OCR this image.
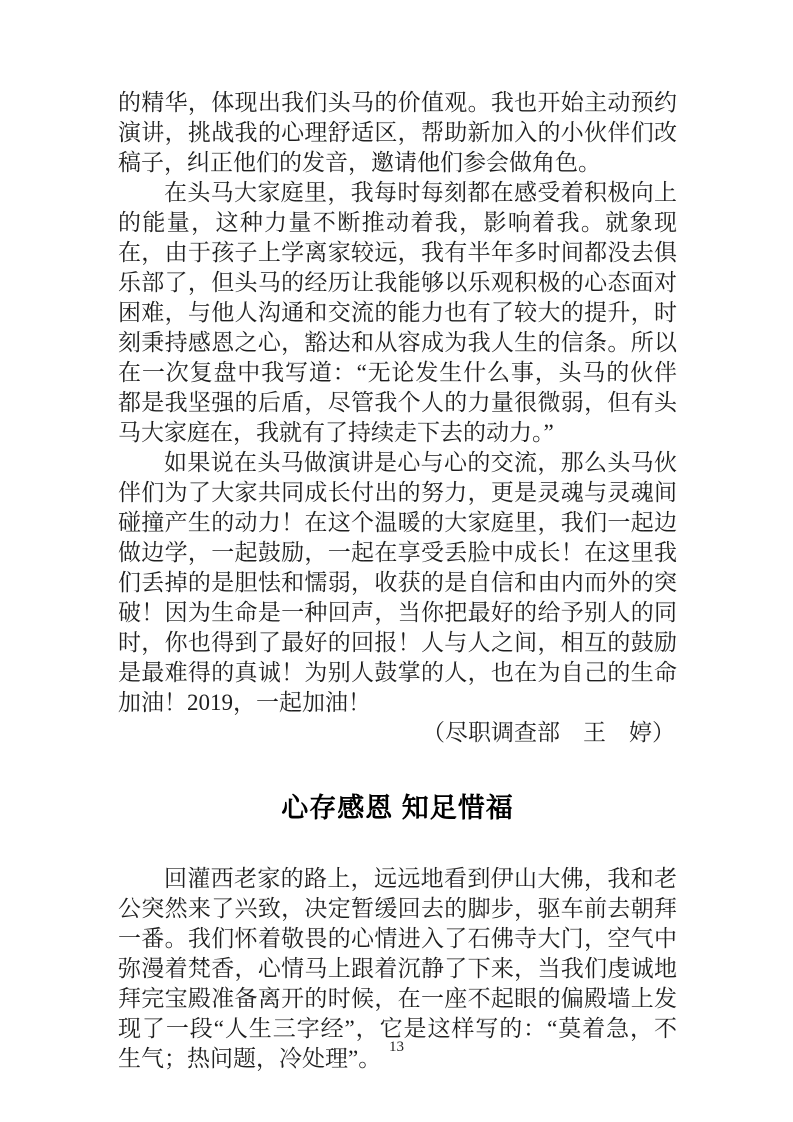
的精华，体现出我们头马的价值观。我也开始主动预约演讲，挑战我的心理舒适区，帮助新加入的小伙伴们改稿子，纠正他们的发音，邀请他们参会做角色。

在头马大家庭里，我每时每刻都在感受着积极向上的能量，这种力量不断推动着我，影响着我。就象现在，由于孩子上学离家较远，我有半年多时间都没去俱乐部了，但头马的经历让我能够以乐观积极的心态面对困难，与他人沟通和交流的能力也有了较大的提升，时刻秉持感恩之心，豁达和从容成为我人生的信条。所以在一次复盘中我写道：“无论发生什么事，头马的伙伴都是我坚强的后盾，尽管我个人的力量很微弱，但有头马大家庭在，我就有了持续走下去的动力。”

如果说在头马做演讲是心与心的交流，那么头马伙伴们为了大家共同成长付出的努力，更是灵魂与灵魂间碰撞产生的动力！在这个温暖的大家庭里，我们一起边做边学，一起鼓励，一起在享受丢脸中成长！在这里我们丢掉的是胆怯和懦弱，收获的是自信和由内而外的突破！因为生命是一种回声，当你把最好的给予别人的同时，你也得到了最好的回报！人与人之间，相互的鼓励是最难得的真诚！为别人鼓掌的人，也在为自己的生命加油！2019，一起加油！

（尽职调查部　王　婷）

心存感恩 知足惜福

回灌西老家的路上，远远地看到伊山大佛，我和老公突然来了兴致，决定暂缓回去的脚步，驱车前去朝拜一番。我们怀着敬畏的心情进入了石佛寺大门，空气中弥漫着梵香，心情马上跟着沉静了下来，当我们虔诚地拜完宝殿准备离开的时候，在一座不起眼的偏殿墙上发现了一段“人生三字经”，它是这样写的：“莫着急，不生气；热问题，冷处理”。 13
